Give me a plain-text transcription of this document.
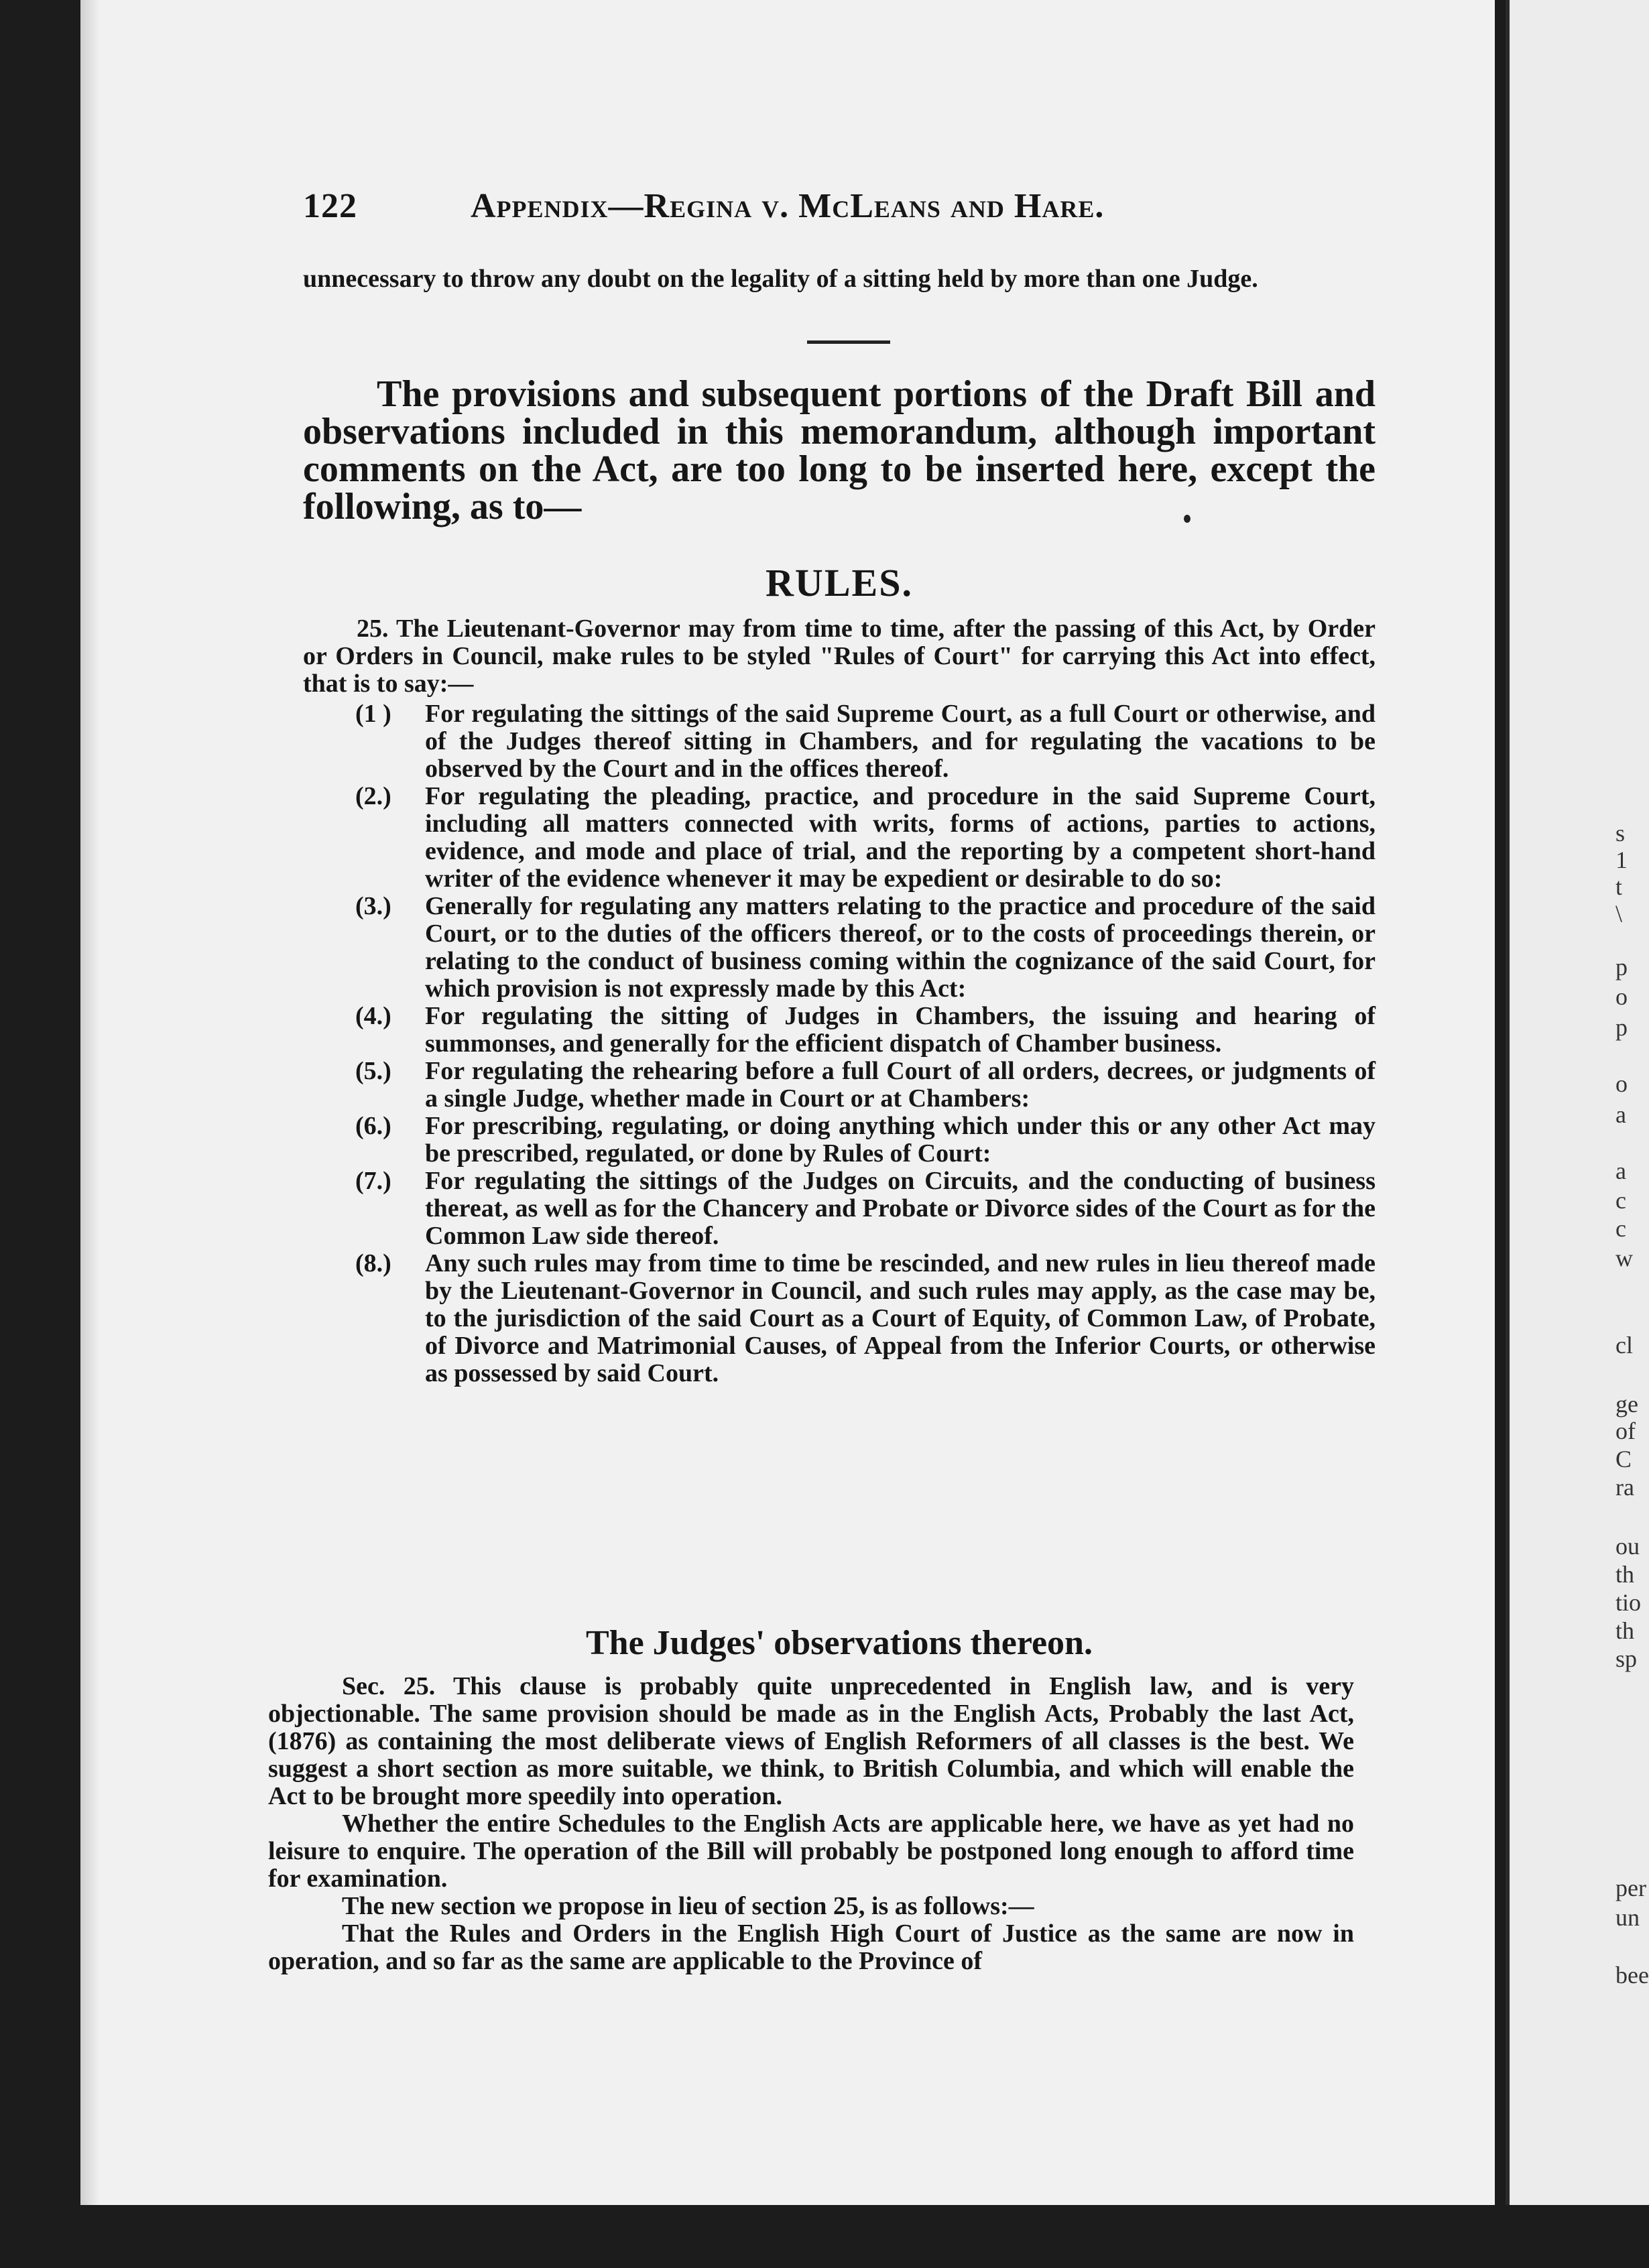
s
1
t
\
p
o
p
o
a
a
c
c
w
cl
ge
of
C
ra
ou
th
tio
th
sp
per
un
bee
122	Appendix—Regina v. McLeans and Hare.
unnecessary to throw any doubt on the legality of a sitting held by more than one Judge.
The provisions and subsequent portions of the Draft Bill and observations included in this memorandum, although important comments on the Act, are too long to be inserted here, except the following, as to—
RULES.
25. The Lieutenant-Governor may from time to time, after the passing of this Act, by Order or Orders in Council, make rules to be styled "Rules of Court" for carrying this Act into effect, that is to say:—
(1 )	For regulating the sittings of the said Supreme Court, as a full Court or otherwise, and of the Judges thereof sitting in Chambers, and for regulating the vacations to be observed by the Court and in the offices thereof.
(2.)	For regulating the pleading, practice, and procedure in the said Supreme Court, including all matters connected with writs, forms of actions, parties to actions, evidence, and mode and place of trial, and the reporting by a competent short-hand writer of the evidence whenever it may be expedient or desirable to do so:
(3.)	Generally for regulating any matters relating to the practice and procedure of the said Court, or to the duties of the officers thereof, or to the costs of proceedings therein, or relating to the conduct of business coming within the cognizance of the said Court, for which provision is not expressly made by this Act:
(4.)	For regulating the sitting of Judges in Chambers, the issuing and hearing of summonses, and generally for the efficient dispatch of Chamber business.
(5.)	For regulating the rehearing before a full Court of all orders, decrees, or judgments of a single Judge, whether made in Court or at Chambers:
(6.)	For prescribing, regulating, or doing anything which under this or any other Act may be prescribed, regulated, or done by Rules of Court:
(7.)	For regulating the sittings of the Judges on Circuits, and the conducting of business thereat, as well as for the Chancery and Probate or Divorce sides of the Court as for the Common Law side thereof.
(8.)	Any such rules may from time to time be rescinded, and new rules in lieu thereof made by the Lieutenant-Governor in Council, and such rules may apply, as the case may be, to the jurisdiction of the said Court as a Court of Equity, of Common Law, of Probate, of Divorce and Matrimonial Causes, of Appeal from the Inferior Courts, or otherwise as possessed by said Court.
The Judges' observations thereon.

Sec. 25. This clause is probably quite unprecedented in English law, and is very objectionable. The same provision should be made as in the English Acts, Probably the last Act, (1876) as containing the most deliberate views of English Reformers of all classes is the best. We suggest a short section as more suitable, we think, to British Columbia, and which will enable the Act to be brought more speedily into operation.

Whether the entire Schedules to the English Acts are applicable here, we have as yet had no leisure to enquire. The operation of the Bill will probably be postponed long enough to afford time for examination.

The new section we propose in lieu of section 25, is as follows:—

That the Rules and Orders in the English High Court of Justice as the same are now in operation, and so far as the same are applicable to the Province of
